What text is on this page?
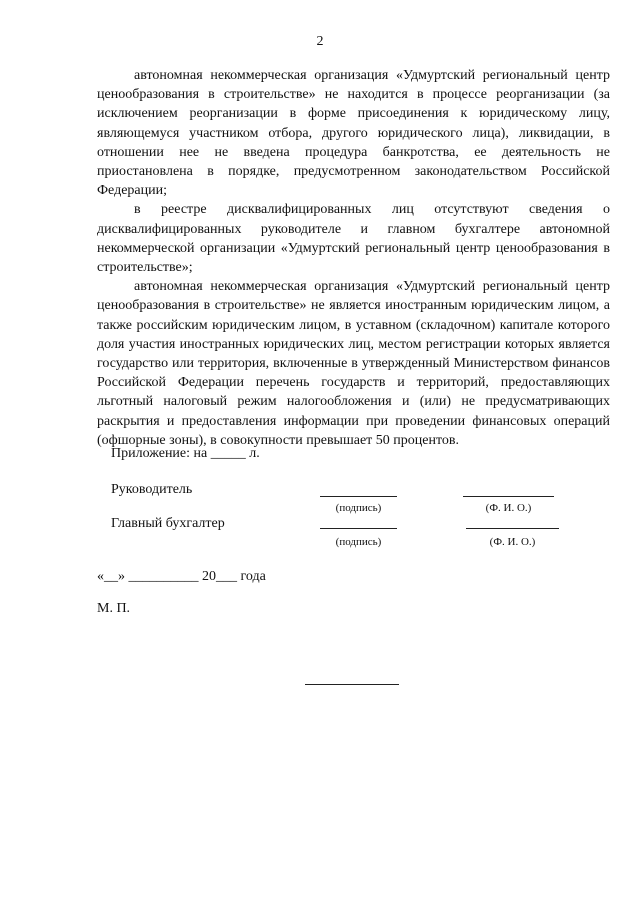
2

автономная некоммерческая организация «Удмуртский региональный центр ценообразования в строительстве» не находится в процессе реорганизации (за исключением реорганизации в форме присоединения к юридическому лицу, являющемуся участником отбора, другого юридического лица), ликвидации, в отношении нее не введена процедура банкротства, ее деятельность не приостановлена в порядке, предусмотренном законодательством Российской Федерации;

в реестре дисквалифицированных лиц отсутствуют сведения о дисквалифицированных руководителе и главном бухгалтере автономной некоммерческой организации «Удмуртский региональный центр ценообразования в строительстве»;

автономная некоммерческая организация «Удмуртский региональный центр ценообразования в строительстве» не является иностранным юридическим лицом, а также российским юридическим лицом, в уставном (складочном) капитале которого доля участия иностранных юридических лиц, местом регистрации которых является государство или территория, включенные в утвержденный Министерством финансов Российской Федерации перечень государств и территорий, предоставляющих льготный налоговый режим налогообложения и (или) не предусматривающих раскрытия и предоставления информации при проведении финансовых операций (офшорные зоны), в совокупности превышает 50 процентов.

Приложение: на _____ л.
Руководитель
(подпись)	(Ф. И. О.)
Главный бухгалтер
(подпись)	(Ф. И. О.)
«__» __________ 20___ года
М. П.
